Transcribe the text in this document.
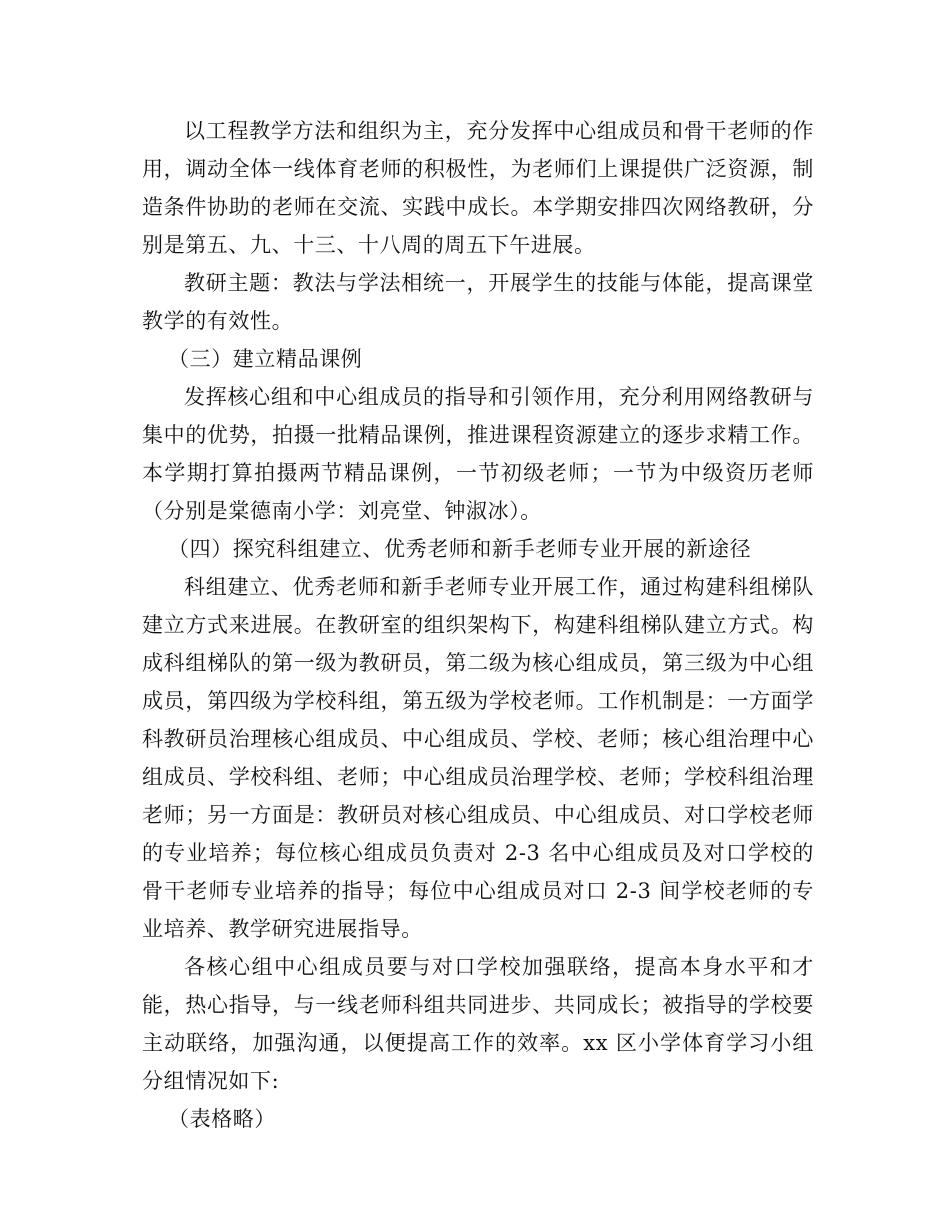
以工程教学方法和组织为主，充分发挥中心组成员和骨干老师的作用，调动全体一线体育老师的积极性，为老师们上课提供广泛资源，制造条件协助的老师在交流、实践中成长。本学期安排四次网络教研，分别是第五、九、十三、十八周的周五下午进展。

教研主题：教法与学法相统一，开展学生的技能与体能，提高课堂教学的有效性。

（三）建立精品课例

发挥核心组和中心组成员的指导和引领作用，充分利用网络教研与集中的优势，拍摄一批精品课例，推进课程资源建立的逐步求精工作。本学期打算拍摄两节精品课例，一节初级老师；一节为中级资历老师（分别是棠德南小学：刘亮堂、钟淑冰）。

（四）探究科组建立、优秀老师和新手老师专业开展的新途径

科组建立、优秀老师和新手老师专业开展工作，通过构建科组梯队建立方式来进展。在教研室的组织架构下，构建科组梯队建立方式。构成科组梯队的第一级为教研员，第二级为核心组成员，第三级为中心组成员，第四级为学校科组，第五级为学校老师。工作机制是：一方面学科教研员治理核心组成员、中心组成员、学校、老师；核心组治理中心组成员、学校科组、老师；中心组成员治理学校、老师；学校科组治理老师；另一方面是：教研员对核心组成员、中心组成员、对口学校老师的专业培养；每位核心组成员负责对 2-3 名中心组成员及对口学校的骨干老师专业培养的指导；每位中心组成员对口 2-3 间学校老师的专业培养、教学研究进展指导。

各核心组中心组成员要与对口学校加强联络，提高本身水平和才能，热心指导，与一线老师科组共同进步、共同成长；被指导的学校要主动联络，加强沟通，以便提高工作的效率。xx 区小学体育学习小组分组情况如下:

（表格略）
